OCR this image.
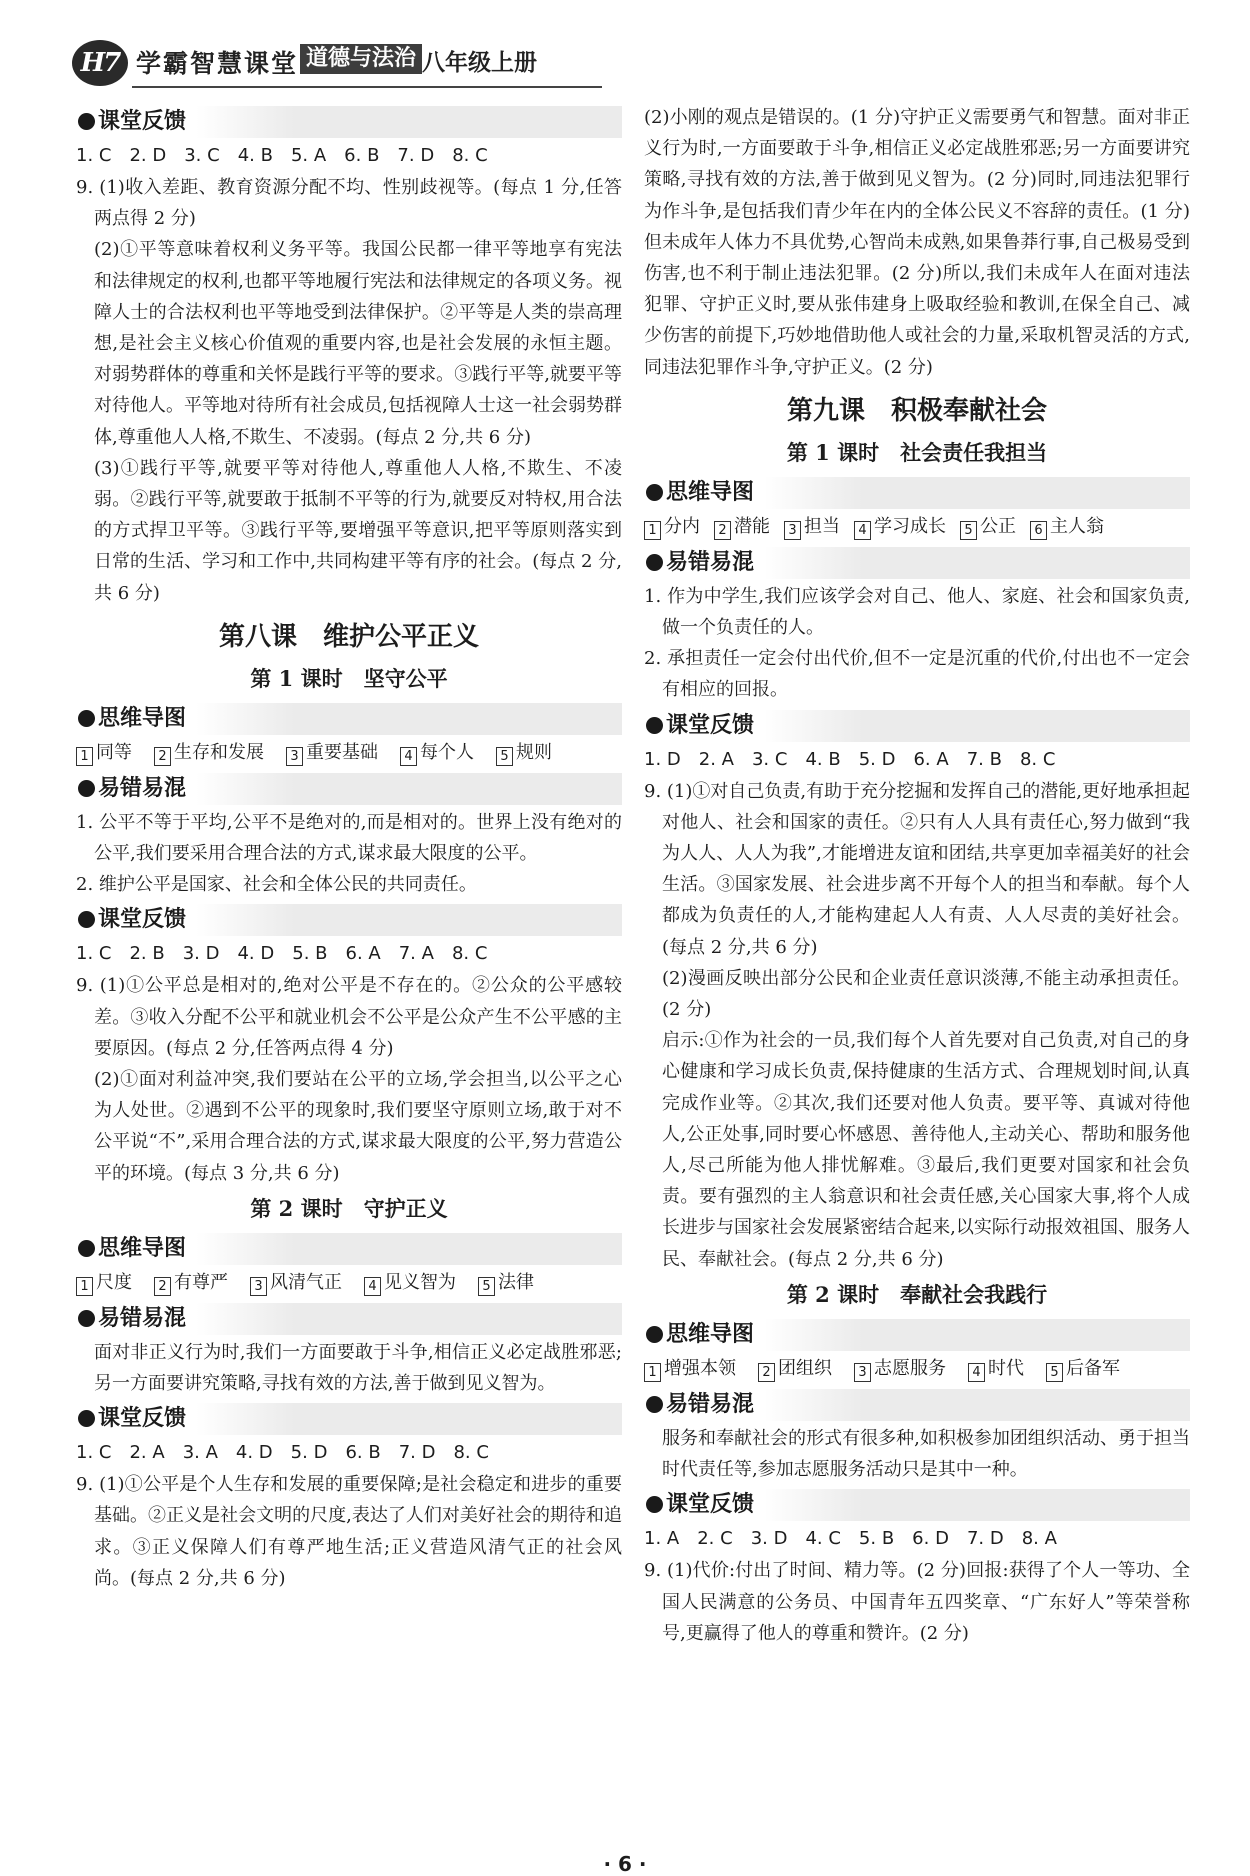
H7 学霸智慧课堂 道德与法治 八年级上册
课堂反馈
1. C 2. D 3. C 4. B 5. A 6. B 7. D 8. C

9. (1)收入差距、教育资源分配不均、性别歧视等。(每点 1 分,任答两点得 2 分)

(2)①平等意味着权利义务平等。我国公民都一律平等地享有宪法和法律规定的权利,也都平等地履行宪法和法律规定的各项义务。视障人士的合法权利也平等地受到法律保护。②平等是人类的崇高理想,是社会主义核心价值观的重要内容,也是社会发展的永恒主题。对弱势群体的尊重和关怀是践行平等的要求。③践行平等,就要平等对待他人。平等地对待所有社会成员,包括视障人士这一社会弱势群体,尊重他人人格,不欺生、不凌弱。(每点 2 分,共 6 分)

(3)①践行平等,就要平等对待他人,尊重他人人格,不欺生、不凌弱。②践行平等,就要敢于抵制不平等的行为,就要反对特权,用合法的方式捍卫平等。③践行平等,要增强平等意识,把平等原则落实到日常的生活、学习和工作中,共同构建平等有序的社会。(每点 2 分,共 6 分)

第八课　维护公平正义
第 1 课时　坚守公平
思维导图
1 同等 2 生存和发展 3 重要基础 4 每个人 5 规则
易错易混

1. 公平不等于平均,公平不是绝对的,而是相对的。世界上没有绝对的公平,我们要采用合理合法的方式,谋求最大限度的公平。

2. 维护公平是国家、社会和全体公民的共同责任。

课堂反馈
1. C 2. B 3. D 4. D 5. B 6. A 7. A 8. C

9. (1)①公平总是相对的,绝对公平是不存在的。②公众的公平感较差。③收入分配不公平和就业机会不公平是公众产生不公平感的主要原因。(每点 2 分,任答两点得 4 分)

(2)①面对利益冲突,我们要站在公平的立场,学会担当,以公平之心为人处世。②遇到不公平的现象时,我们要坚守原则立场,敢于对不公平说“不”,采用合理合法的方式,谋求最大限度的公平,努力营造公平的环境。(每点 3 分,共 6 分)

第 2 课时　守护正义
思维导图
1 尺度 2 有尊严 3 风清气正 4 见义智为 5 法律
易错易混

面对非正义行为时,我们一方面要敢于斗争,相信正义必定战胜邪恶;另一方面要讲究策略,寻找有效的方法,善于做到见义智为。

课堂反馈
1. C 2. A 3. A 4. D 5. D 6. B 7. D 8. C

9. (1)①公平是个人生存和发展的重要保障;是社会稳定和进步的重要基础。②正义是社会文明的尺度,表达了人们对美好社会的期待和追求。③正义保障人们有尊严地生活;正义营造风清气正的社会风尚。(每点 2 分,共 6 分)

(2)小刚的观点是错误的。(1 分)守护正义需要勇气和智慧。面对非正义行为时,一方面要敢于斗争,相信正义必定战胜邪恶;另一方面要讲究策略,寻找有效的方法,善于做到见义智为。(2 分)同时,同违法犯罪行为作斗争,是包括我们青少年在内的全体公民义不容辞的责任。(1 分)但未成年人体力不具优势,心智尚未成熟,如果鲁莽行事,自己极易受到伤害,也不利于制止违法犯罪。(2 分)所以,我们未成年人在面对违法犯罪、守护正义时,要从张伟建身上吸取经验和教训,在保全自己、减少伤害的前提下,巧妙地借助他人或社会的力量,采取机智灵活的方式,同违法犯罪作斗争,守护正义。(2 分)

第九课　积极奉献社会
第 1 课时　社会责任我担当
思维导图
1 分内 2 潜能 3 担当 4 学习成长 5 公正 6 主人翁
易错易混

1. 作为中学生,我们应该学会对自己、他人、家庭、社会和国家负责,做一个负责任的人。

2. 承担责任一定会付出代价,但不一定是沉重的代价,付出也不一定会有相应的回报。

课堂反馈
1. D 2. A 3. C 4. B 5. D 6. A 7. B 8. C

9. (1)①对自己负责,有助于充分挖掘和发挥自己的潜能,更好地承担起对他人、社会和国家的责任。②只有人人具有责任心,努力做到“我为人人、人人为我”,才能增进友谊和团结,共享更加幸福美好的社会生活。③国家发展、社会进步离不开每个人的担当和奉献。每个人都成为负责任的人,才能构建起人人有责、人人尽责的美好社会。(每点 2 分,共 6 分)

(2)漫画反映出部分公民和企业责任意识淡薄,不能主动承担责任。(2 分)

启示:①作为社会的一员,我们每个人首先要对自己负责,对自己的身心健康和学习成长负责,保持健康的生活方式、合理规划时间,认真完成作业等。②其次,我们还要对他人负责。要平等、真诚对待他人,公正处事,同时要心怀感恩、善待他人,主动关心、帮助和服务他人,尽己所能为他人排忧解难。③最后,我们更要对国家和社会负责。要有强烈的主人翁意识和社会责任感,关心国家大事,将个人成长进步与国家社会发展紧密结合起来,以实际行动报效祖国、服务人民、奉献社会。(每点 2 分,共 6 分)

第 2 课时　奉献社会我践行
思维导图
1 增强本领 2 团组织 3 志愿服务 4 时代 5 后备军
易错易混

服务和奉献社会的形式有很多种,如积极参加团组织活动、勇于担当时代责任等,参加志愿服务活动只是其中一种。

课堂反馈
1. A 2. C 3. D 4. C 5. B 6. D 7. D 8. A

9. (1)代价:付出了时间、精力等。(2 分)回报:获得了个人一等功、全国人民满意的公务员、中国青年五四奖章、“广东好人”等荣誉称号,更赢得了他人的尊重和赞许。(2 分)

· 6 ·
